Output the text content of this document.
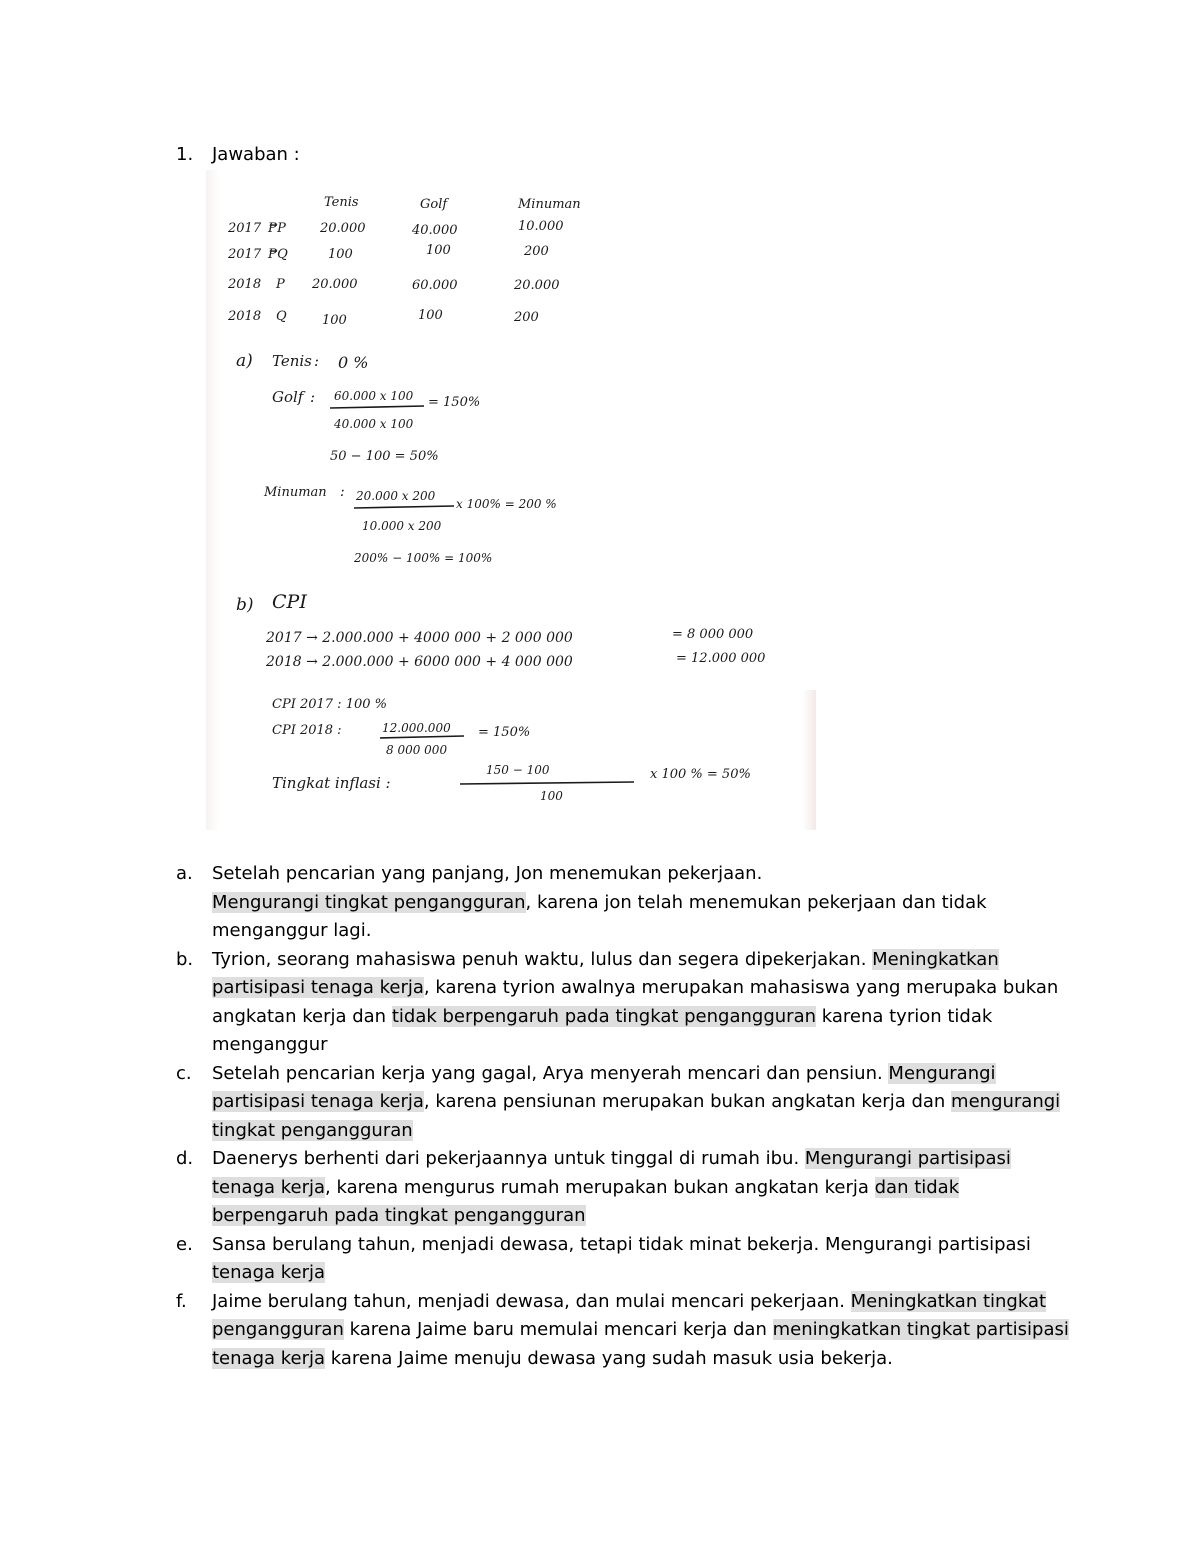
1. Jawaban :
Tenis	Golf	Minuman
2017 ₱P	20.000	40.000	10.000
2017 ₱Q	100	100	200
2018 P 20.000	60.000	20.000
2018 Q	100	100	200
a) Tenis : 0 %
Golf : 60.000 x 100
40.000 x 100
= 150%
50 − 100 = 50%
Minuman : 20.000 x 200
10.000 x 200
x 100% = 200 %
200% − 100% = 100%
b) CPI
2017 → 2.000.000 + 4000 000 + 2 000 000	= 8 000 000
2018 → 2.000.000 + 6000 000 + 4 000 000	= 12.000 000
CPI 2017 : 100 %
CPI 2018 :	12.000.000
8 000 000
= 150%
Tingkat inflasi :
150 − 100
100
x 100 % = 50%
a.	Setelah pencarian yang panjang, Jon menemukan pekerjaan.
Mengurangi tingkat pengangguran, karena jon telah menemukan pekerjaan dan tidak menganggur lagi.
b.	Tyrion, seorang mahasiswa penuh waktu, lulus dan segera dipekerjakan. Meningkatkan partisipasi tenaga kerja, karena tyrion awalnya merupakan mahasiswa yang merupaka bukan angkatan kerja dan tidak berpengaruh pada tingkat pengangguran karena tyrion tidak menganggur
c.	Setelah pencarian kerja yang gagal, Arya menyerah mencari dan pensiun. Mengurangi partisipasi tenaga kerja, karena pensiunan merupakan bukan angkatan kerja dan mengurangi tingkat pengangguran
d.	Daenerys berhenti dari pekerjaannya untuk tinggal di rumah ibu. Mengurangi partisipasi tenaga kerja, karena mengurus rumah merupakan bukan angkatan kerja dan tidak berpengaruh pada tingkat pengangguran
e.	Sansa berulang tahun, menjadi dewasa, tetapi tidak minat bekerja. Mengurangi partisipasi tenaga kerja
f.	Jaime berulang tahun, menjadi dewasa, dan mulai mencari pekerjaan. Meningkatkan tingkat pengangguran karena Jaime baru memulai mencari kerja dan meningkatkan tingkat partisipasi tenaga kerja karena Jaime menuju dewasa yang sudah masuk usia bekerja.
